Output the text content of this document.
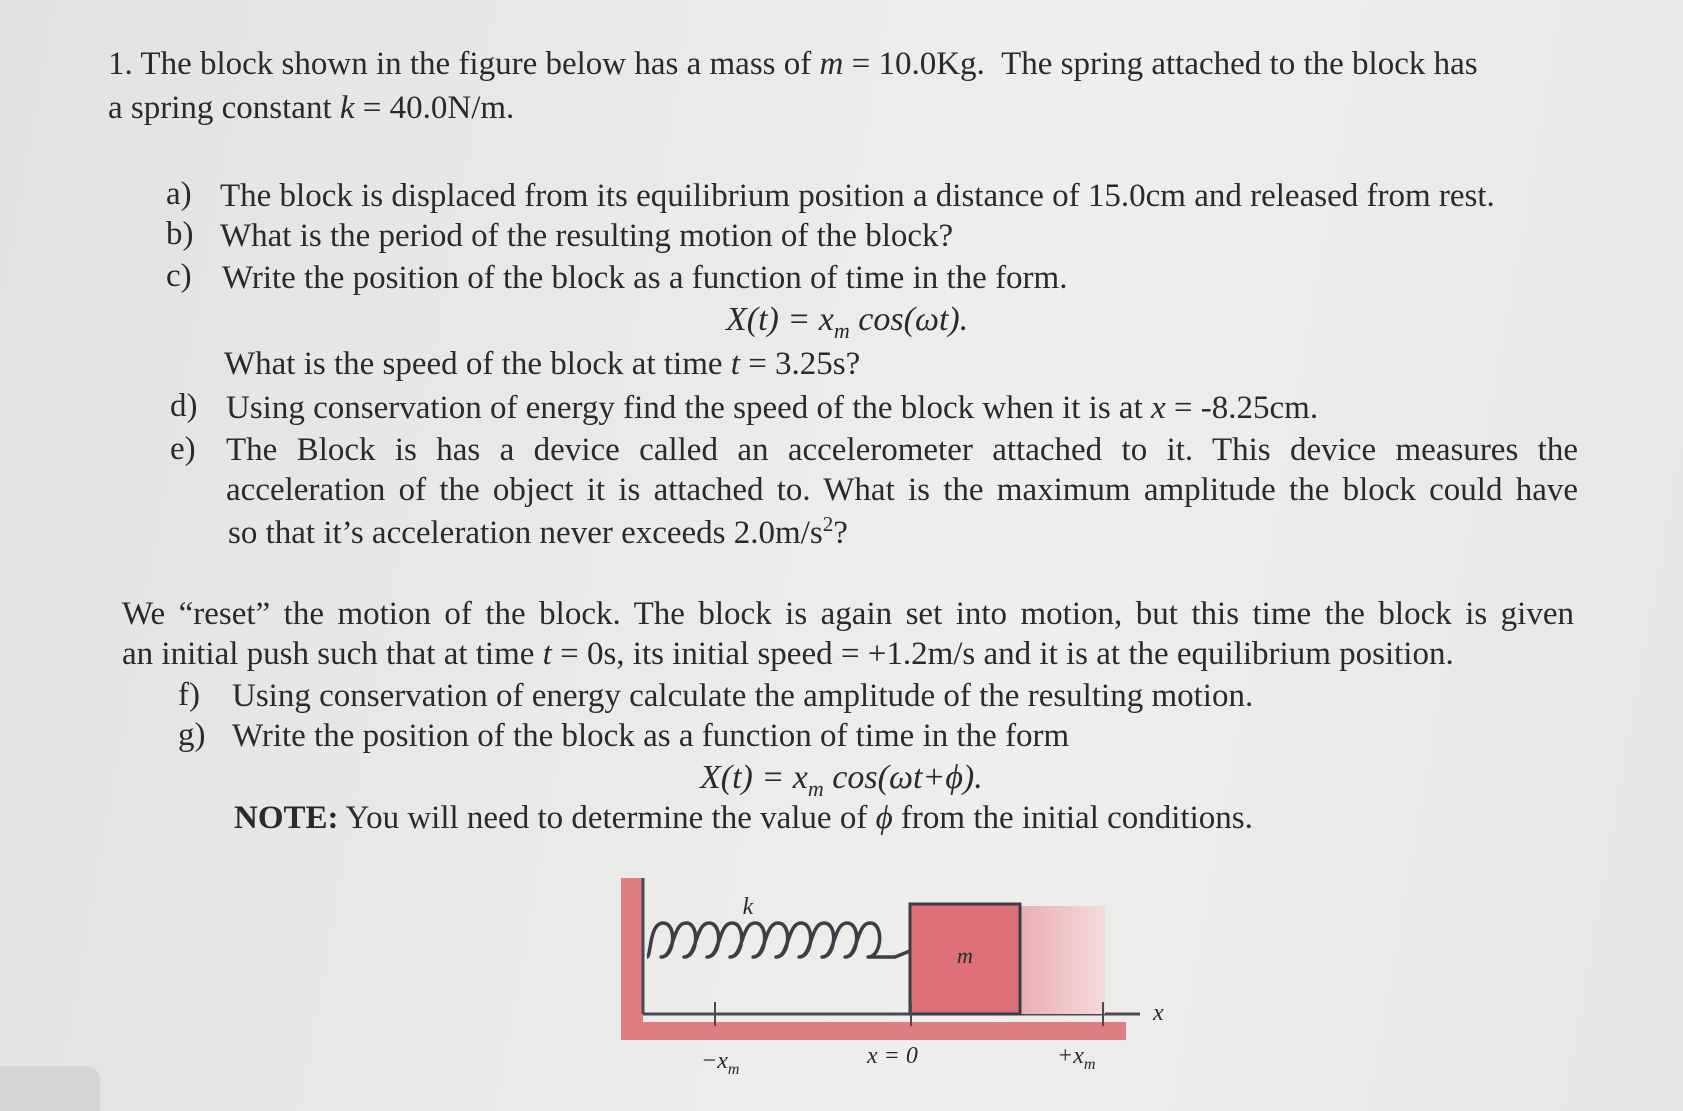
1. The block shown in the figure below has a mass of m = 10.0Kg. The spring attached to the block has
a spring constant k = 40.0N/m.
a) The block is displaced from its equilibrium position a distance of 15.0cm and released from rest.
b) What is the period of the resulting motion of the block?
c) Write the position of the block as a function of time in the form.
$X(t) = x_m$ cos(ωt).
What is the speed of the block at time t = 3.25s?
d) Using conservation of energy find the speed of the block when it is at x = -8.25cm.
e) The Block is has a device called an accelerometer attached to it. This device measures the
acceleration of the object it is attached to. What is the maximum amplitude the block could have
so that it’s acceleration never exceeds $2.0m/s^2$?
We “reset” the motion of the block. The block is again set into motion, but this time the block is given
an initial push such that at time t = 0s, its initial speed = +1.2m/s and it is at the equilibrium position.
f) Using conservation of energy calculate the amplitude of the resulting motion.
g) Write the position of the block as a function of time in the form
$X(t) = x_m$ cos(ωt+ϕ).
NOTE: You will need to determine the value of ϕ from the initial conditions.
m
k
x
$-x_m$
x = 0	$+x_m$
